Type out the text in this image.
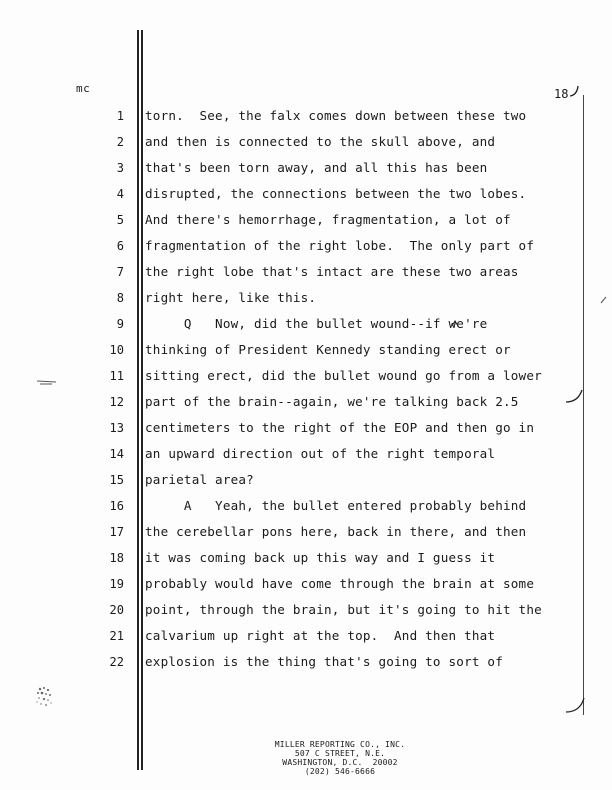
mc	18
1 torn.  See, the falx comes down between these two
2 and then is connected to the skull above, and
3 that's been torn away, and all this has been
4 disrupted, the connections between the two lobes.
5 And there's hemorrhage, fragmentation, a lot of
6 fragmentation of the right lobe.  The only part of
7 the right lobe that's intact are these two areas
8 right here, like this.
9 Q   Now, did the bullet wound--if we're
10 thinking of President Kennedy standing erect or
11 sitting erect, did the bullet wound go from a lower
12 part of the brain--again, we're talking back 2.5
13 centimeters to the right of the EOP and then go in
14 an upward direction out of the right temporal
15 parietal area?
16 A   Yeah, the bullet entered probably behind
17 the cerebellar pons here, back in there, and then
18 it was coming back up this way and I guess it
19 probably would have come through the brain at some
20 point, through the brain, but it's going to hit the
21 calvarium up right at the top.  And then that
22 explosion is the thing that's going to sort of
MILLER REPORTING CO., INC.
507 C STREET, N.E.
WASHINGTON, D.C.  20002
(202) 546-6666
